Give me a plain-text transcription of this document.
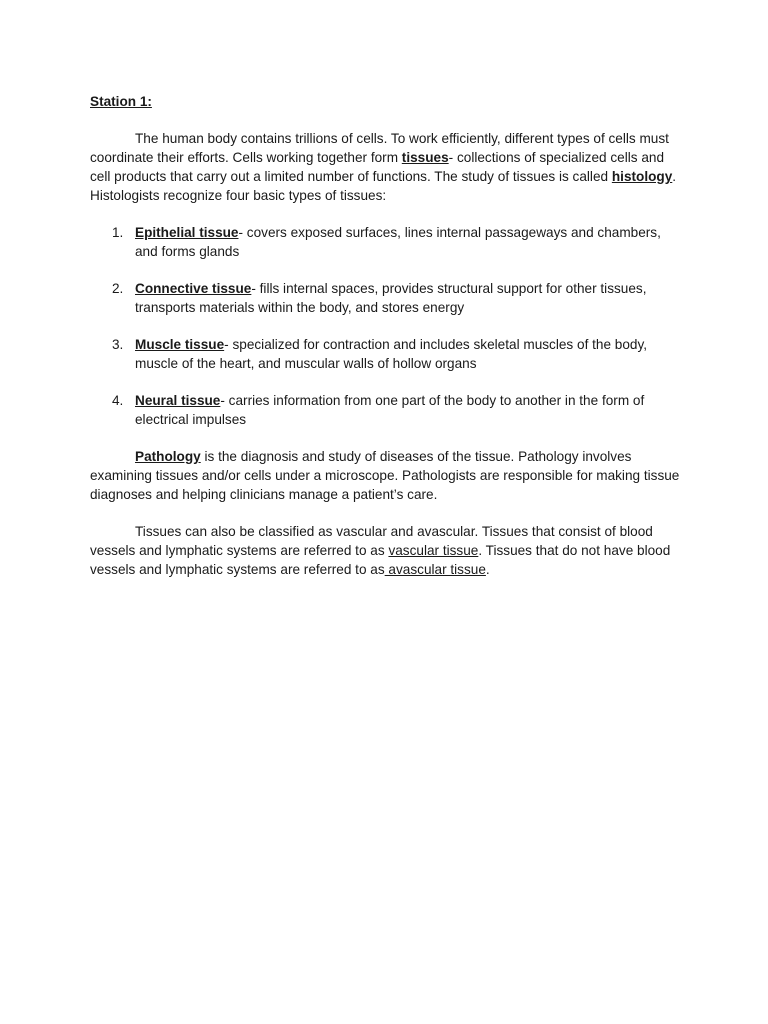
Station 1:

The human body contains trillions of cells. To work efficiently, different types of cells must coordinate their efforts. Cells working together form tissues- collections of specialized cells and cell products that carry out a limited number of functions. The study of tissues is called histology. Histologists recognize four basic types of tissues:

1. Epithelial tissue- covers exposed surfaces, lines internal passageways and chambers, and forms glands
2. Connective tissue- fills internal spaces, provides structural support for other tissues, transports materials within the body, and stores energy
3. Muscle tissue- specialized for contraction and includes skeletal muscles of the body, muscle of the heart, and muscular walls of hollow organs
4. Neural tissue- carries information from one part of the body to another in the form of electrical impulses

Pathology is the diagnosis and study of diseases of the tissue. Pathology involves examining tissues and/or cells under a microscope. Pathologists are responsible for making tissue diagnoses and helping clinicians manage a patient’s care.

Tissues can also be classified as vascular and avascular. Tissues that consist of blood vessels and lymphatic systems are referred to as vascular tissue. Tissues that do not have blood vessels and lymphatic systems are referred to as avascular tissue.
